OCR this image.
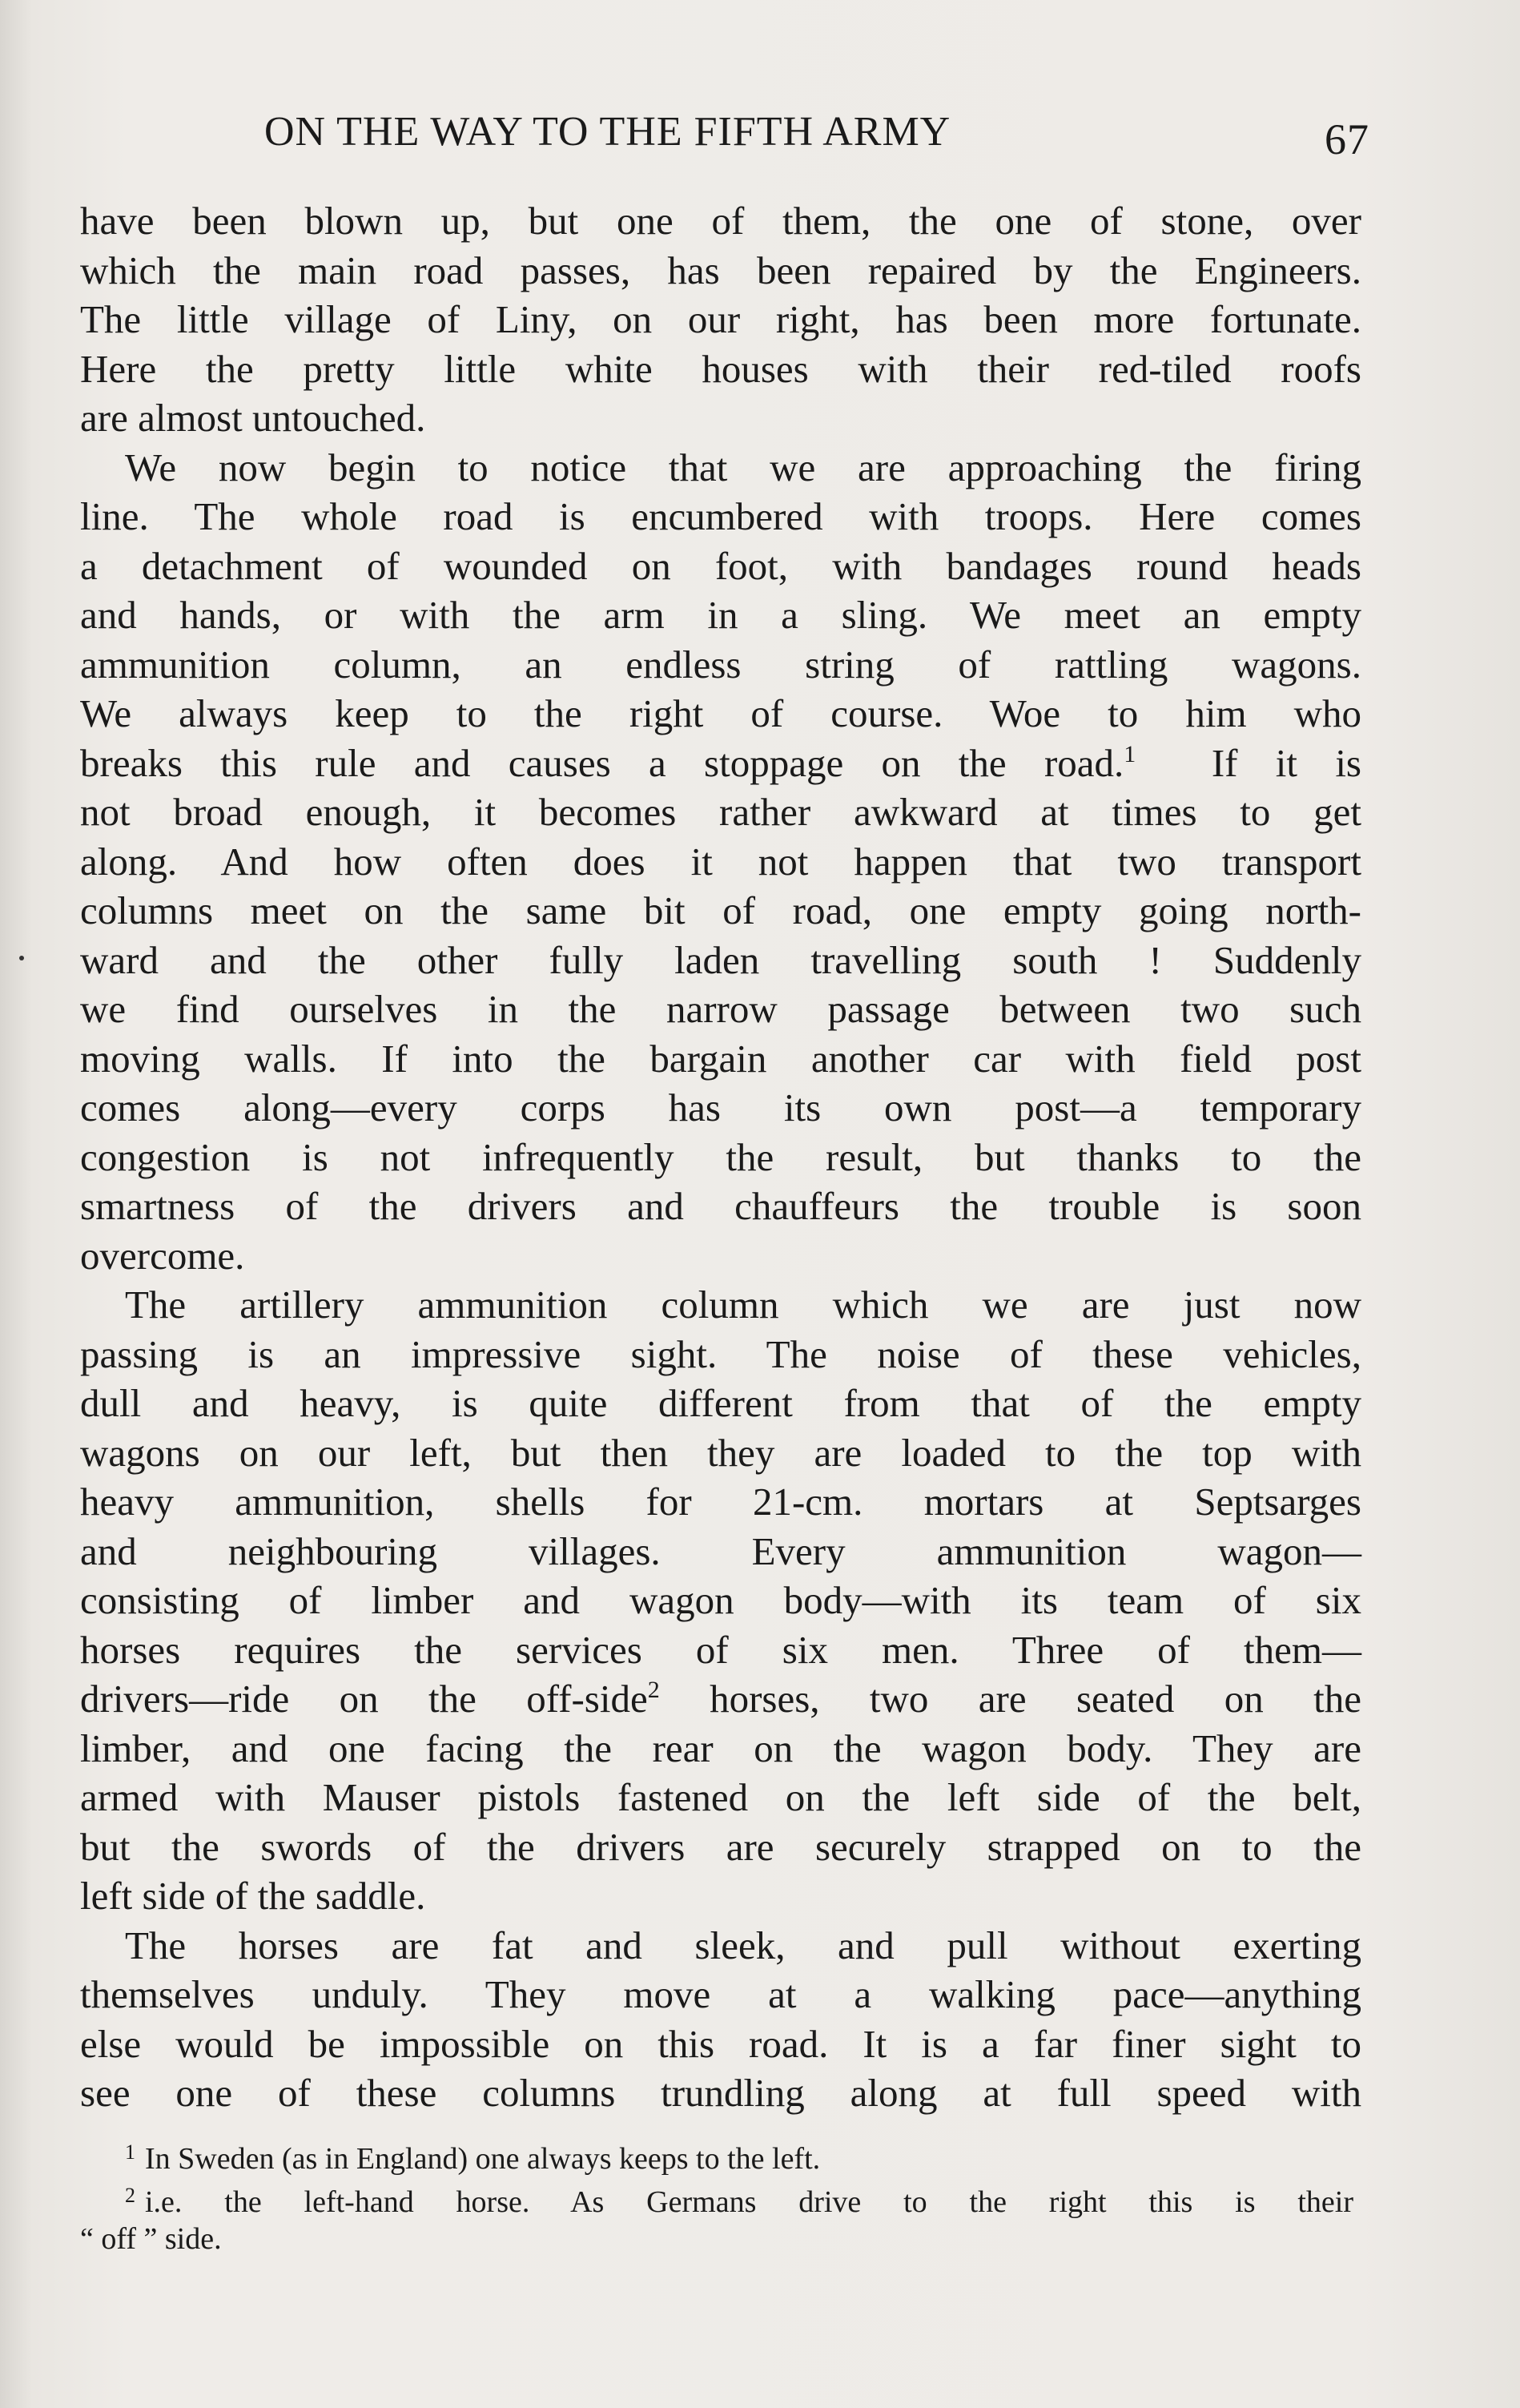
ON THE WAY TO THE FIFTH ARMY	67
have been blown up, but one of them, the one of stone, over
which the main road passes, has been repaired by the Engineers.
The little village of Liny, on our right, has been more fortunate.
Here the pretty little white houses with their red-tiled roofs
are almost untouched.
We now begin to notice that we are approaching the firing
line. The whole road is encumbered with troops. Here comes
a detachment of wounded on foot, with bandages round heads
and hands, or with the arm in a sling. We meet an empty
ammunition column, an endless string of rattling wagons.
We always keep to the right of course. Woe to him who
breaks this rule and causes a stoppage on the road.$^1$ If it is
not broad enough, it becomes rather awkward at times to get
along. And how often does it not happen that two transport
columns meet on the same bit of road, one empty going north-
ward and the other fully laden travelling south ! Suddenly
we find ourselves in the narrow passage between two such
moving walls. If into the bargain another car with field post
comes along—every corps has its own post—a temporary
congestion is not infrequently the result, but thanks to the
smartness of the drivers and chauffeurs the trouble is soon
overcome.
The artillery ammunition column which we are just now
passing is an impressive sight. The noise of these vehicles,
dull and heavy, is quite different from that of the empty
wagons on our left, but then they are loaded to the top with
heavy ammunition, shells for 21-cm. mortars at Septsarges
and neighbouring villages. Every ammunition wagon—
consisting of limber and wagon body—with its team of six
horses requires the services of six men. Three of them—
drivers—ride on the off-side$^2$ horses, two are seated on the
limber, and one facing the rear on the wagon body. They are
armed with Mauser pistols fastened on the left side of the belt,
but the swords of the drivers are securely strapped on to the
left side of the saddle.
The horses are fat and sleek, and pull without exerting
themselves unduly. They move at a walking pace—anything
else would be impossible on this road. It is a far finer sight to
see one of these columns trundling along at full speed with
$^1$ In Sweden (as in England) one always keeps to the left.
$^2$ i.e. the left-hand horse. As Germans drive to the right this is their
“ off ” side.
